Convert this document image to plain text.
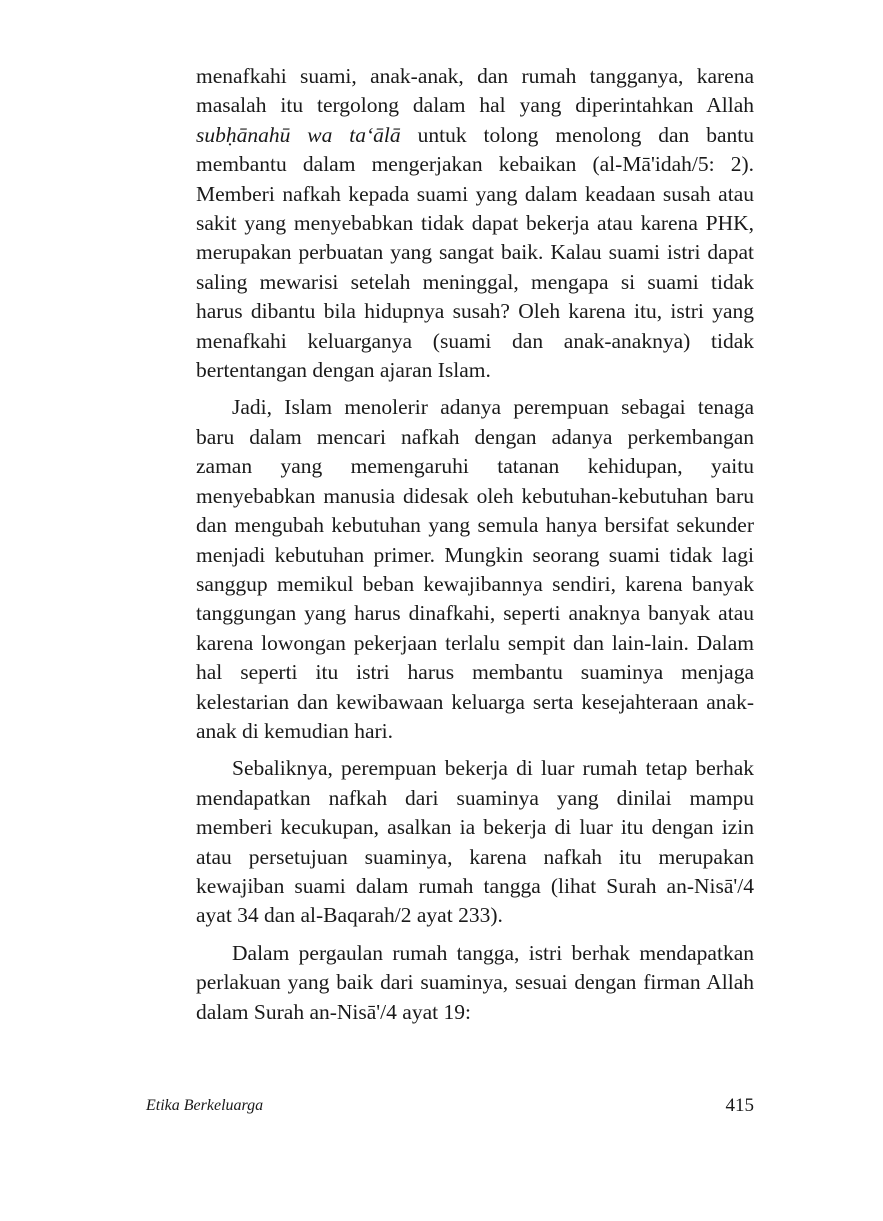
menafkahi suami, anak-anak, dan rumah tangganya, karena masalah itu tergolong dalam hal yang diperintahkan Allah subḥānahū wa ta‘ālā untuk tolong menolong dan bantu membantu dalam mengerjakan kebaikan (al-Mā'idah/5: 2). Memberi nafkah kepada suami yang dalam keadaan susah atau sakit yang menyebabkan tidak dapat bekerja atau karena PHK, merupakan perbuatan yang sangat baik. Kalau suami istri dapat saling mewarisi setelah meninggal, mengapa si suami tidak harus dibantu bila hidupnya susah? Oleh karena itu, istri yang menafkahi keluarganya (suami dan anak-anaknya) tidak bertentangan dengan ajaran Islam.

Jadi, Islam menolerir adanya perempuan sebagai tenaga baru dalam mencari nafkah dengan adanya perkembangan zaman yang memengaruhi tatanan kehidupan, yaitu menyebabkan manusia didesak oleh kebutuhan-kebutuhan baru dan mengubah kebutuhan yang semula hanya bersifat sekunder menjadi kebutuhan primer. Mungkin seorang suami tidak lagi sanggup memikul beban kewajibannya sendiri, karena banyak tanggungan yang harus dinafkahi, seperti anaknya banyak atau karena lowongan pekerjaan terlalu sempit dan lain-lain. Dalam hal seperti itu istri harus membantu suaminya menjaga kelestarian dan kewibawaan keluarga serta kesejahteraan anak-anak di kemudian hari.

Sebaliknya, perempuan bekerja di luar rumah tetap berhak mendapatkan nafkah dari suaminya yang dinilai mampu memberi kecukupan, asalkan ia bekerja di luar itu dengan izin atau persetujuan suaminya, karena nafkah itu merupakan kewajiban suami dalam rumah tangga (lihat Surah an-Nisā'/4 ayat 34 dan al-Baqarah/2 ayat 233).

Dalam pergaulan rumah tangga, istri berhak mendapatkan perlakuan yang baik dari suaminya, sesuai dengan firman Allah dalam Surah an-Nisā'/4 ayat 19:

Etika Berkeluarga	415
